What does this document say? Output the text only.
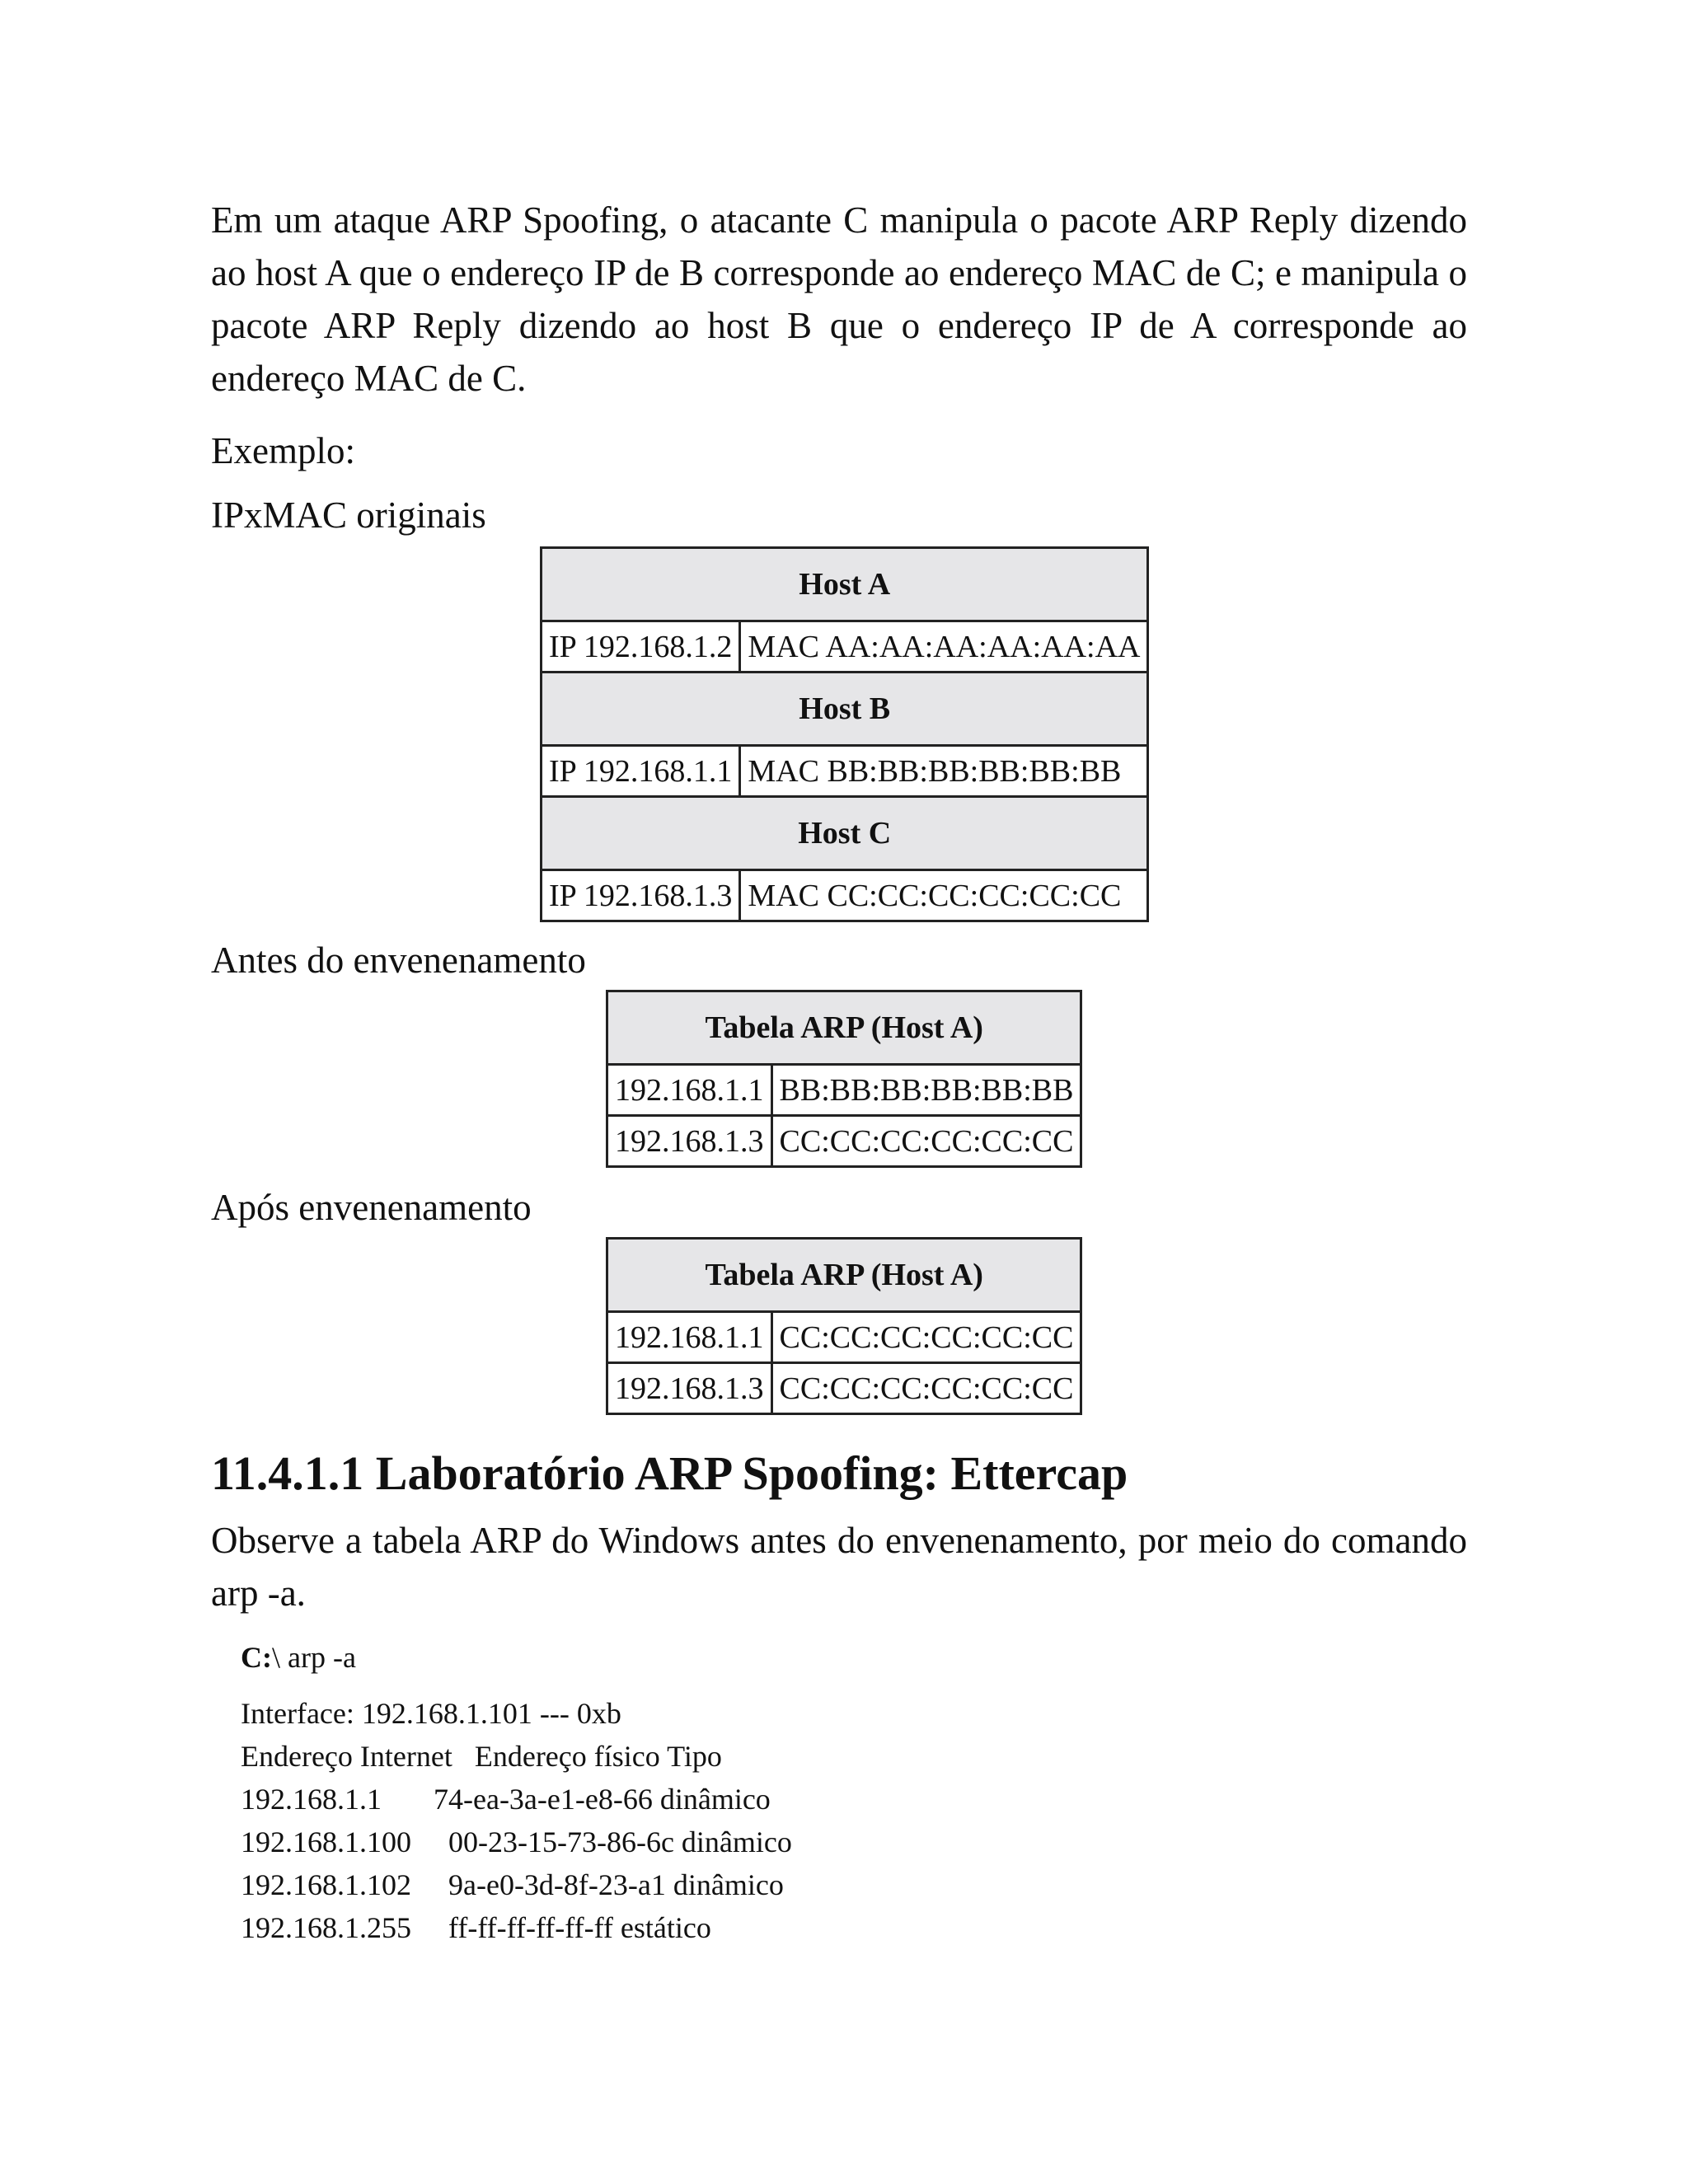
Em um ataque ARP Spoofing, o atacante C manipula o pacote ARP Reply dizendo ao host A que o endereço IP de B corresponde ao endereço MAC de C; e manipula o pacote ARP Reply dizendo ao host B que o endereço IP de A corresponde ao endereço MAC de C.

Exemplo:

IPxMAC originais

Host A	
IP 192.168.1.2	MAC AA:AA:AA:AA:AA:AA
Host B	
IP 192.168.1.1	MAC BB:BB:BB:BB:BB:BB
Host C	
IP 192.168.1.3	MAC CC:CC:CC:CC:CC:CC

Antes do envenenamento

Tabela ARP (Host A)	
192.168.1.1	BB:BB:BB:BB:BB:BB
192.168.1.3	CC:CC:CC:CC:CC:CC

Após envenenamento

Tabela ARP (Host A)	
192.168.1.1	CC:CC:CC:CC:CC:CC
192.168.1.3	CC:CC:CC:CC:CC:CC
11.4.1.1 Laboratório ARP Spoofing: Ettercap

Observe a tabela ARP do Windows antes do envenenamento, por meio do comando arp -a.

C:\ arp -a
Interface: 192.168.1.101 --- 0xb
Endereço Internet   Endereço físico Tipo
192.168.1.1       74-ea-3a-e1-e8-66 dinâmico
192.168.1.100     00-23-15-73-86-6c dinâmico
192.168.1.102     9a-e0-3d-8f-23-a1 dinâmico
192.168.1.255     ff-ff-ff-ff-ff-ff estático
